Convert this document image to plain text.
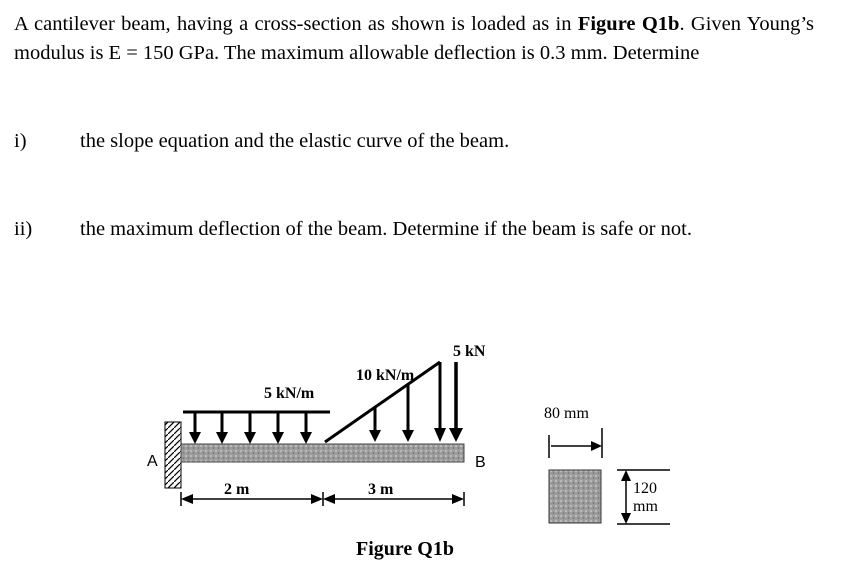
A cantilever beam, having a cross-section as shown is loaded as in Figure Q1b. Given Young’s modulus is E = 150 GPa. The maximum allowable deflection is 0.3 mm. Determine
i)	the slope equation and the elastic curve of the beam.
ii) the maximum deflection of the beam. Determine if the beam is safe or not.
5 kN/m
10 kN/m
5 kN
A	B
2 m	3 m
80 mm
120
mm
Figure Q1b
